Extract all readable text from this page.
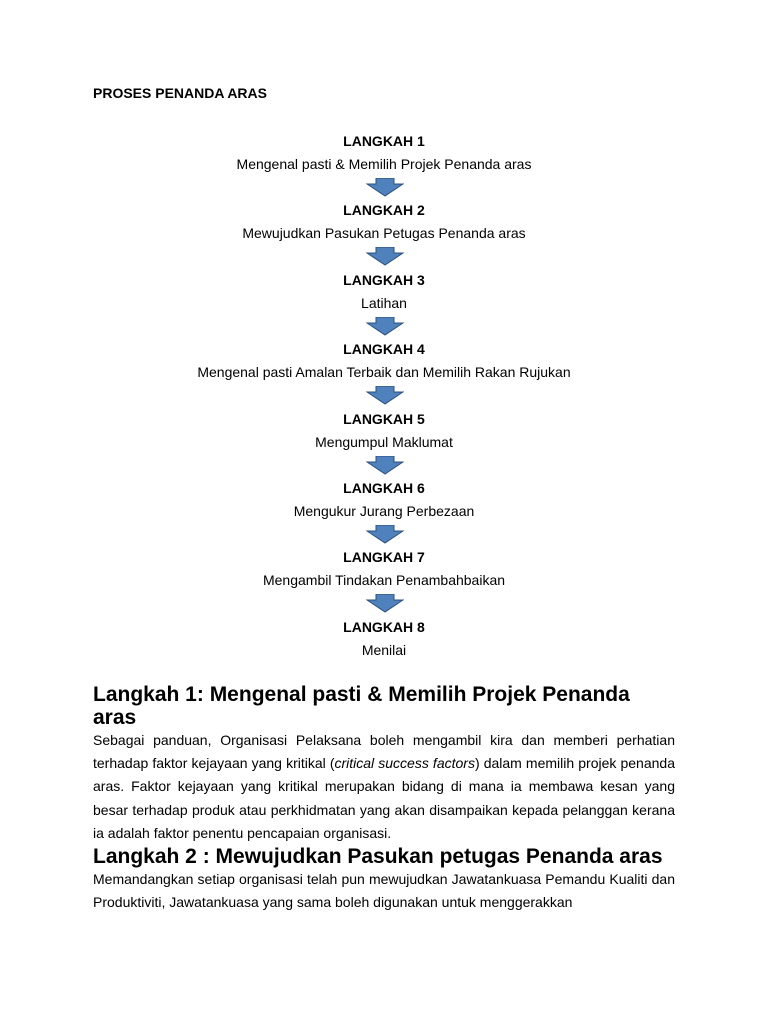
PROSES PENANDA ARAS
LANGKAH 1
Mengenal pasti & Memilih Projek Penanda aras
LANGKAH 2
Mewujudkan Pasukan Petugas Penanda aras
LANGKAH 3
Latihan
LANGKAH 4
Mengenal pasti Amalan Terbaik dan Memilih Rakan Rujukan
LANGKAH 5
Mengumpul Maklumat
LANGKAH 6
Mengukur Jurang Perbezaan
LANGKAH 7
Mengambil Tindakan Penambahbaikan
LANGKAH 8
Menilai
Langkah 1: Mengenal pasti & Memilih Projek Penanda aras

Sebagai panduan, Organisasi Pelaksana boleh mengambil kira dan memberi perhatian terhadap faktor kejayaan yang kritikal (critical success factors) dalam memilih projek penanda aras. Faktor kejayaan yang kritikal merupakan bidang di mana ia membawa kesan yang besar terhadap produk atau perkhidmatan yang akan disampaikan kepada pelanggan kerana ia adalah faktor penentu pencapaian organisasi.

Langkah 2 : Mewujudkan Pasukan petugas Penanda aras

Memandangkan setiap organisasi telah pun mewujudkan Jawatankuasa Pemandu Kualiti dan Produktiviti, Jawatankuasa yang sama boleh digunakan untuk menggerakkan
